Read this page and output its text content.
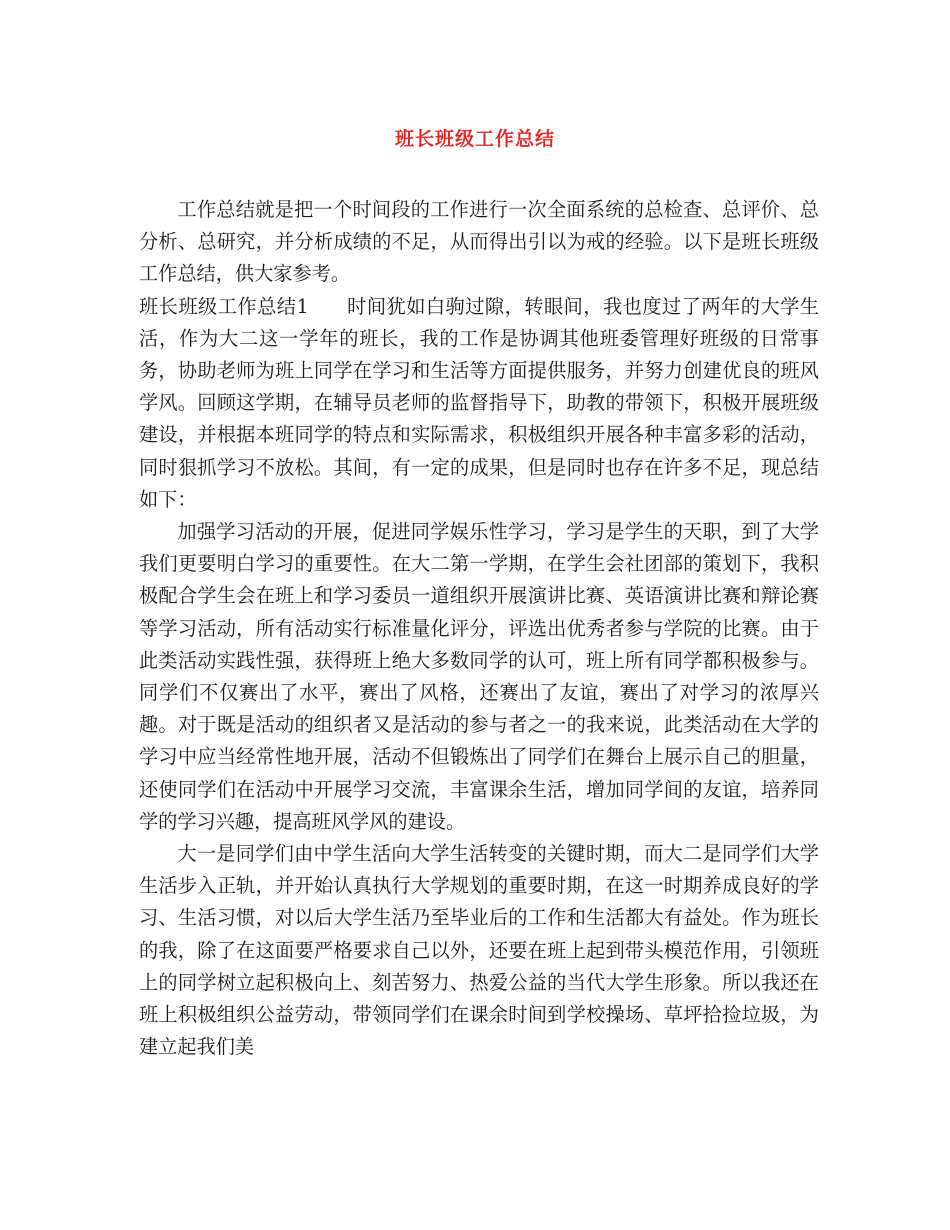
班长班级工作总结

工作总结就是把一个时间段的工作进行一次全面系统的总检查、总评价、总分析、总研究，并分析成绩的不足，从而得出引以为戒的经验。以下是班长班级工作总结，供大家参考。

班长班级工作总结1 时间犹如白驹过隙，转眼间，我也度过了两年的大学生活，作为大二这一学年的班长，我的工作是协调其他班委管理好班级的日常事务，协助老师为班上同学在学习和生活等方面提供服务，并努力创建优良的班风学风。回顾这学期，在辅导员老师的监督指导下，助教的带领下，积极开展班级建设，并根据本班同学的特点和实际需求，积极组织开展各种丰富多彩的活动，同时狠抓学习不放松。其间，有一定的成果，但是同时也存在许多不足，现总结如下：

加强学习活动的开展，促进同学娱乐性学习，学习是学生的天职，到了大学我们更要明白学习的重要性。在大二第一学期，在学生会社团部的策划下，我积极配合学生会在班上和学习委员一道组织开展演讲比赛、英语演讲比赛和辩论赛等学习活动，所有活动实行标准量化评分，评选出优秀者参与学院的比赛。由于此类活动实践性强，获得班上绝大多数同学的认可，班上所有同学都积极参与。同学们不仅赛出了水平，赛出了风格，还赛出了友谊，赛出了对学习的浓厚兴趣。对于既是活动的组织者又是活动的参与者之一的我来说，此类活动在大学的学习中应当经常性地开展，活动不但锻炼出了同学们在舞台上展示自己的胆量，还使同学们在活动中开展学习交流，丰富课余生活，增加同学间的友谊，培养同学的学习兴趣，提高班风学风的建设。

大一是同学们由中学生活向大学生活转变的关键时期，而大二是同学们大学生活步入正轨，并开始认真执行大学规划的重要时期，在这一时期养成良好的学习、生活习惯，对以后大学生活乃至毕业后的工作和生活都大有益处。作为班长的我，除了在这面要严格要求自己以外，还要在班上起到带头模范作用，引领班上的同学树立起积极向上、刻苦努力、热爱公益的当代大学生形象。所以我还在班上积极组织公益劳动，带领同学们在课余时间到学校操场、草坪拾捡垃圾，为建立起我们美
